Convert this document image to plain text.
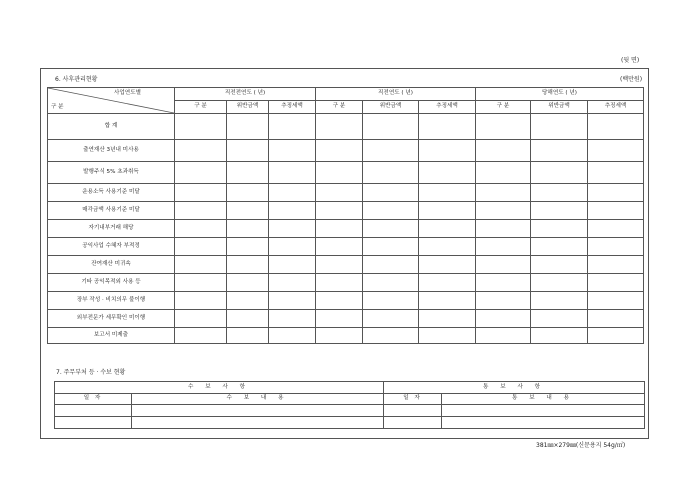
(뒷 면)
6. 사후관리현황	(백만원)
사업연도별
구 분	직전전연도 ( 년)			직전연도 ( 년)			당해연도 ( 년)		
	구 분	위반금액	추징세액	구 분	위반금액	추징세액	구 분	위반금액	추징세액
합 계									
출연재산 3년내 미사용									
발행주식 5% 초과취득									
운용소득 사용기준 미달									
매각금액 사용기준 미달									
자기내부거래 해당									
공익사업 수혜자 부적정									
잔여재산 미귀속									
기타 공익목적외 사용 등									
장부 작성 · 비치의무 불이행									
외부전문가 세무확인 미이행									
보고서 미제출									
7. 주무부처 등 · 수보 현황
수 보 사 항		통 보 사 항	
일 자	수 보 내 용	일 자	통 보 내 용

381㎜×279㎜(신문용지 54g/㎡)
